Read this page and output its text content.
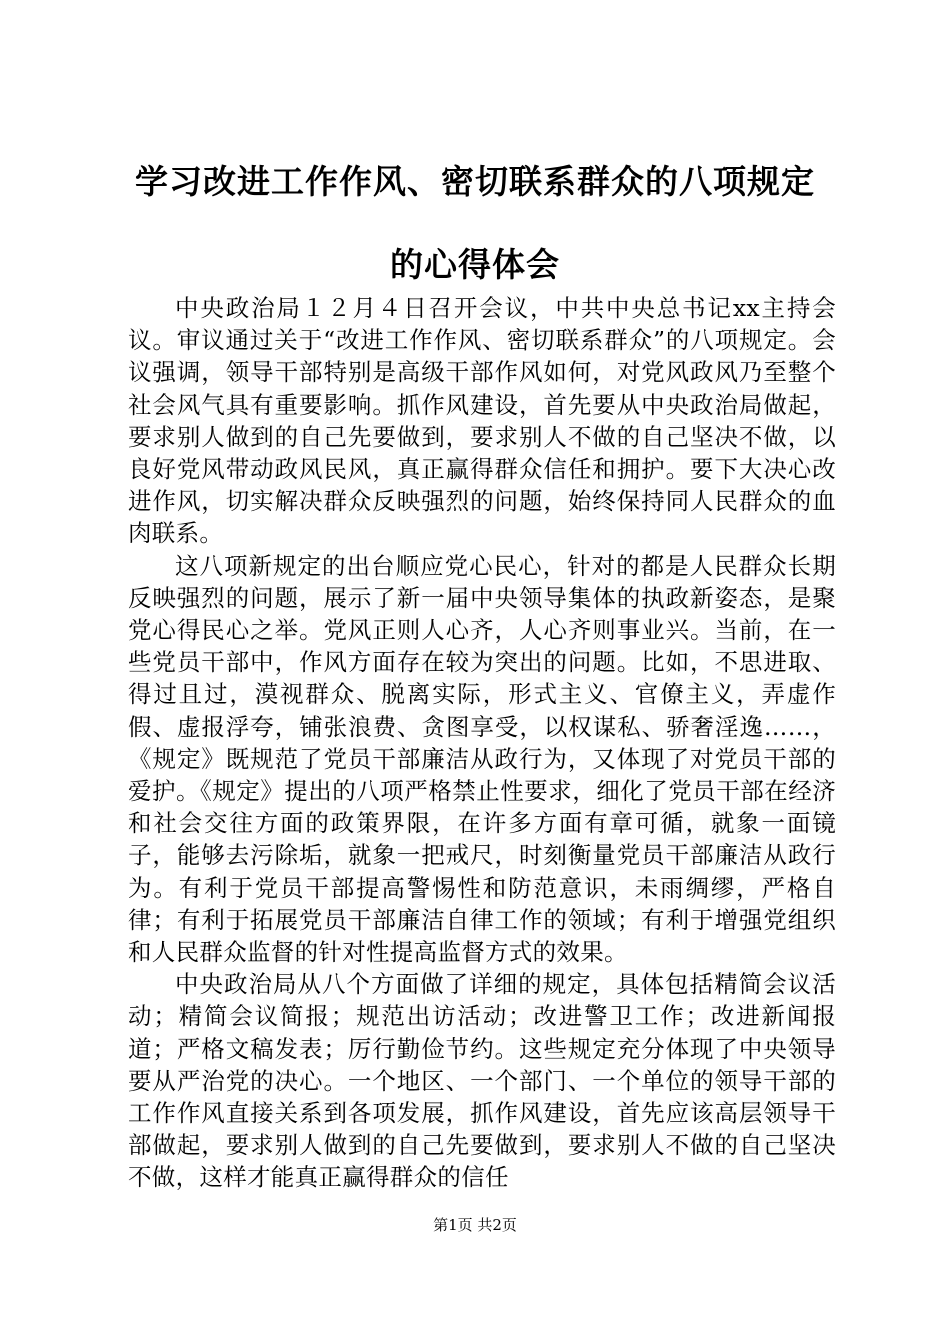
学习改进工作作风、密切联系群众的八项规定
的心得体会

中央政治局１２月４日召开会议，中共中央总书记xx主持会议。审议通过关于“改进工作作风、密切联系群众”的八项规定。会议强调，领导干部特别是高级干部作风如何，对党风政风乃至整个社会风气具有重要影响。抓作风建设，首先要从中央政治局做起，要求别人做到的自己先要做到，要求别人不做的自己坚决不做，以良好党风带动政风民风，真正赢得群众信任和拥护。要下大决心改进作风，切实解决群众反映强烈的问题，始终保持同人民群众的血肉联系。

这八项新规定的出台顺应党心民心，针对的都是人民群众长期反映强烈的问题，展示了新一届中央领导集体的执政新姿态，是聚党心得民心之举。党风正则人心齐，人心齐则事业兴。当前，在一些党员干部中，作风方面存在较为突出的问题。比如，不思进取、得过且过，漠视群众、脱离实际，形式主义、官僚主义，弄虚作假、虚报浮夸，铺张浪费、贪图享受，以权谋私、骄奢淫逸……，《规定》既规范了党员干部廉洁从政行为，又体现了对党员干部的爱护。《规定》提出的八项严格禁止性要求，细化了党员干部在经济和社会交往方面的政策界限，在许多方面有章可循，就象一面镜子，能够去污除垢，就象一把戒尺，时刻衡量党员干部廉洁从政行为。有利于党员干部提高警惕性和防范意识，未雨绸缪，严格自律；有利于拓展党员干部廉洁自律工作的领域；有利于增强党组织和人民群众监督的针对性提高监督方式的效果。

中央政治局从八个方面做了详细的规定，具体包括精简会议活动；精简会议简报；规范出访活动；改进警卫工作；改进新闻报道；严格文稿发表；厉行勤俭节约。这些规定充分体现了中央领导要从严治党的决心。一个地区、一个部门、一个单位的领导干部的工作作风直接关系到各项发展，抓作风建设，首先应该高层领导干部做起，要求别人做到的自己先要做到，要求别人不做的自己坚决不做，这样才能真正赢得群众的信任

第1页 共2页
